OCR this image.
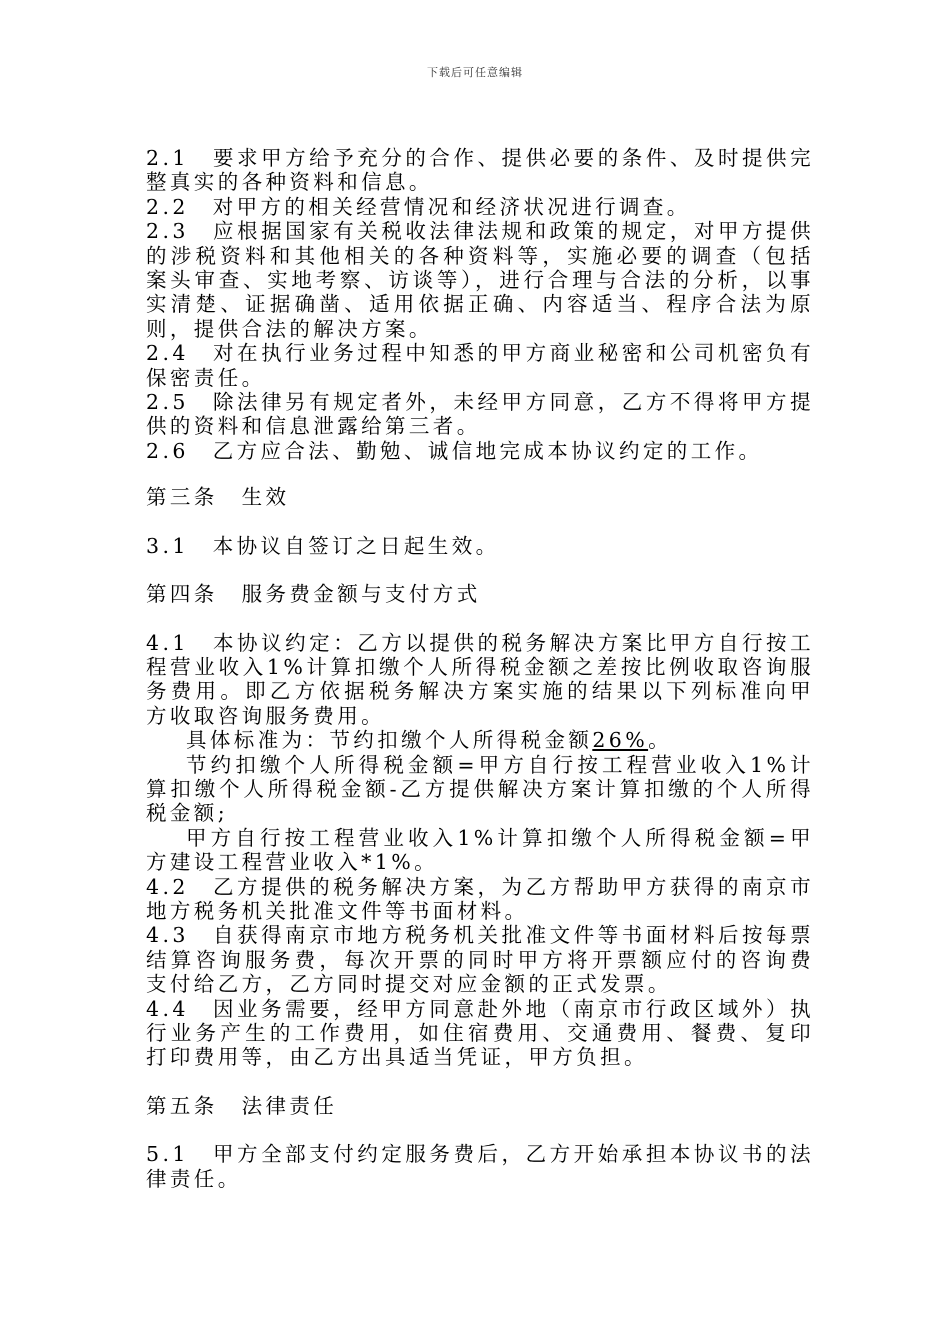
下载后可任意编辑

2.1　要求甲方给予充分的合作、提供必要的条件、及时提供完整真实的各种资料和信息。

2.2　对甲方的相关经营情况和经济状况进行调查。

2.3　应根据国家有关税收法律法规和政策的规定，对甲方提供的涉税资料和其他相关的各种资料等，实施必要的调查（包括案头审查、实地考察、访谈等），进行合理与合法的分析，以事实清楚、证据确凿、适用依据正确、内容适当、程序合法为原则，提供合法的解决方案。

2.4　对在执行业务过程中知悉的甲方商业秘密和公司机密负有保密责任。

2.5　除法律另有规定者外，未经甲方同意，乙方不得将甲方提供的资料和信息泄露给第三者。

2.6　乙方应合法、勤勉、诚信地完成本协议约定的工作。

第三条　生效

3.1　本协议自签订之日起生效。

第四条　服务费金额与支付方式

4.1　本协议约定：乙方以提供的税务解决方案比甲方自行按工程营业收入1%计算扣缴个人所得税金额之差按比例收取咨询服务费用。即乙方依据税务解决方案实施的结果以下列标准向甲方收取咨询服务费用。

具体标准为：节约扣缴个人所得税金额26%。

节约扣缴个人所得税金额=甲方自行按工程营业收入1%计算扣缴个人所得税金额-乙方提供解决方案计算扣缴的个人所得税金额;

甲方自行按工程营业收入1%计算扣缴个人所得税金额=甲方建设工程营业收入*1%。

4.2　乙方提供的税务解决方案，为乙方帮助甲方获得的南京市地方税务机关批准文件等书面材料。

4.3　自获得南京市地方税务机关批准文件等书面材料后按每票结算咨询服务费，每次开票的同时甲方将开票额应付的咨询费支付给乙方，乙方同时提交对应金额的正式发票。

4.4　因业务需要，经甲方同意赴外地（南京市行政区域外）执行业务产生的工作费用，如住宿费用、交通费用、餐费、复印打印费用等，由乙方出具适当凭证，甲方负担。

第五条　法律责任

5.1　甲方全部支付约定服务费后，乙方开始承担本协议书的法律责任。
